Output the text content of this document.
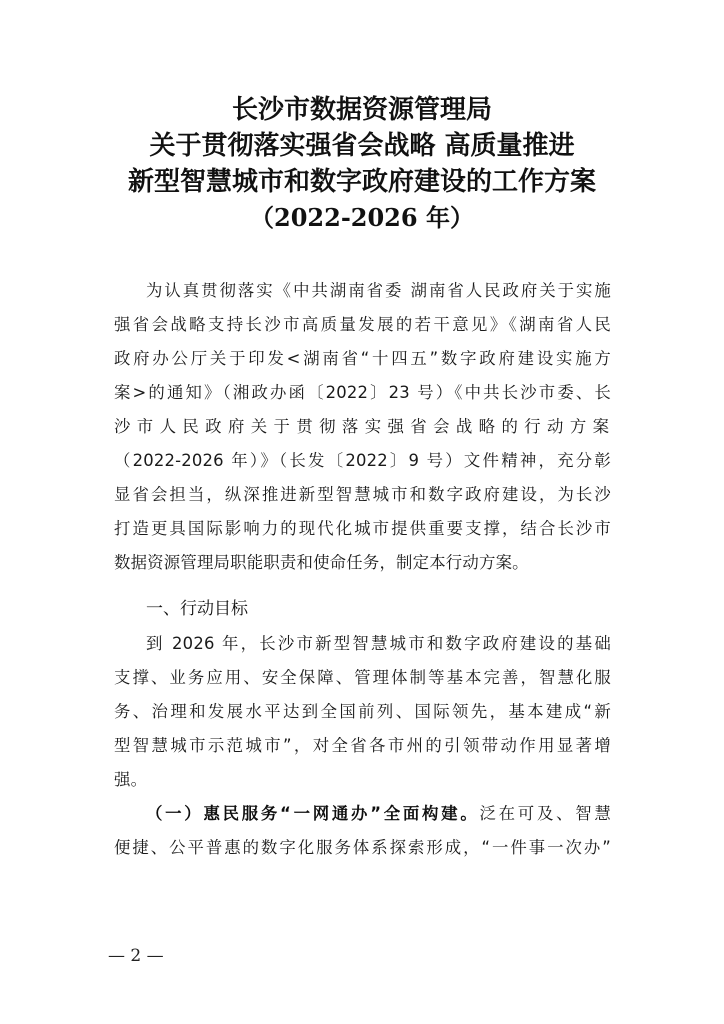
长沙市数据资源管理局
关于贯彻落实强省会战略 高质量推进
新型智慧城市和数字政府建设的工作方案
（2022-2026 年）
为认真贯彻落实《中共湖南省委 湖南省人民政府关于实施
强省会战略支持长沙市高质量发展的若干意见》《湖南省人民
政府办公厅关于印发<湖南省“十四五”数字政府建设实施方
案>的通知》（湘政办函〔2022〕23 号）《中共长沙市委、长
沙市人民政府关于贯彻落实强省会战略的行动方案
（2022-2026 年）》（长发〔2022〕9 号）文件精神，充分彰
显省会担当，纵深推进新型智慧城市和数字政府建设，为长沙
打造更具国际影响力的现代化城市提供重要支撑，结合长沙市
数据资源管理局职能职责和使命任务，制定本行动方案。
一、行动目标
到 2026 年，长沙市新型智慧城市和数字政府建设的基础
支撑、业务应用、安全保障、管理体制等基本完善，智慧化服
务、治理和发展水平达到全国前列、国际领先，基本建成“新
型智慧城市示范城市”，对全省各市州的引领带动作用显著增
强。
（一）惠民服务“一网通办”全面构建。泛在可及、智慧
便捷、公平普惠的数字化服务体系探索形成，“一件事一次办”
— 2 —
